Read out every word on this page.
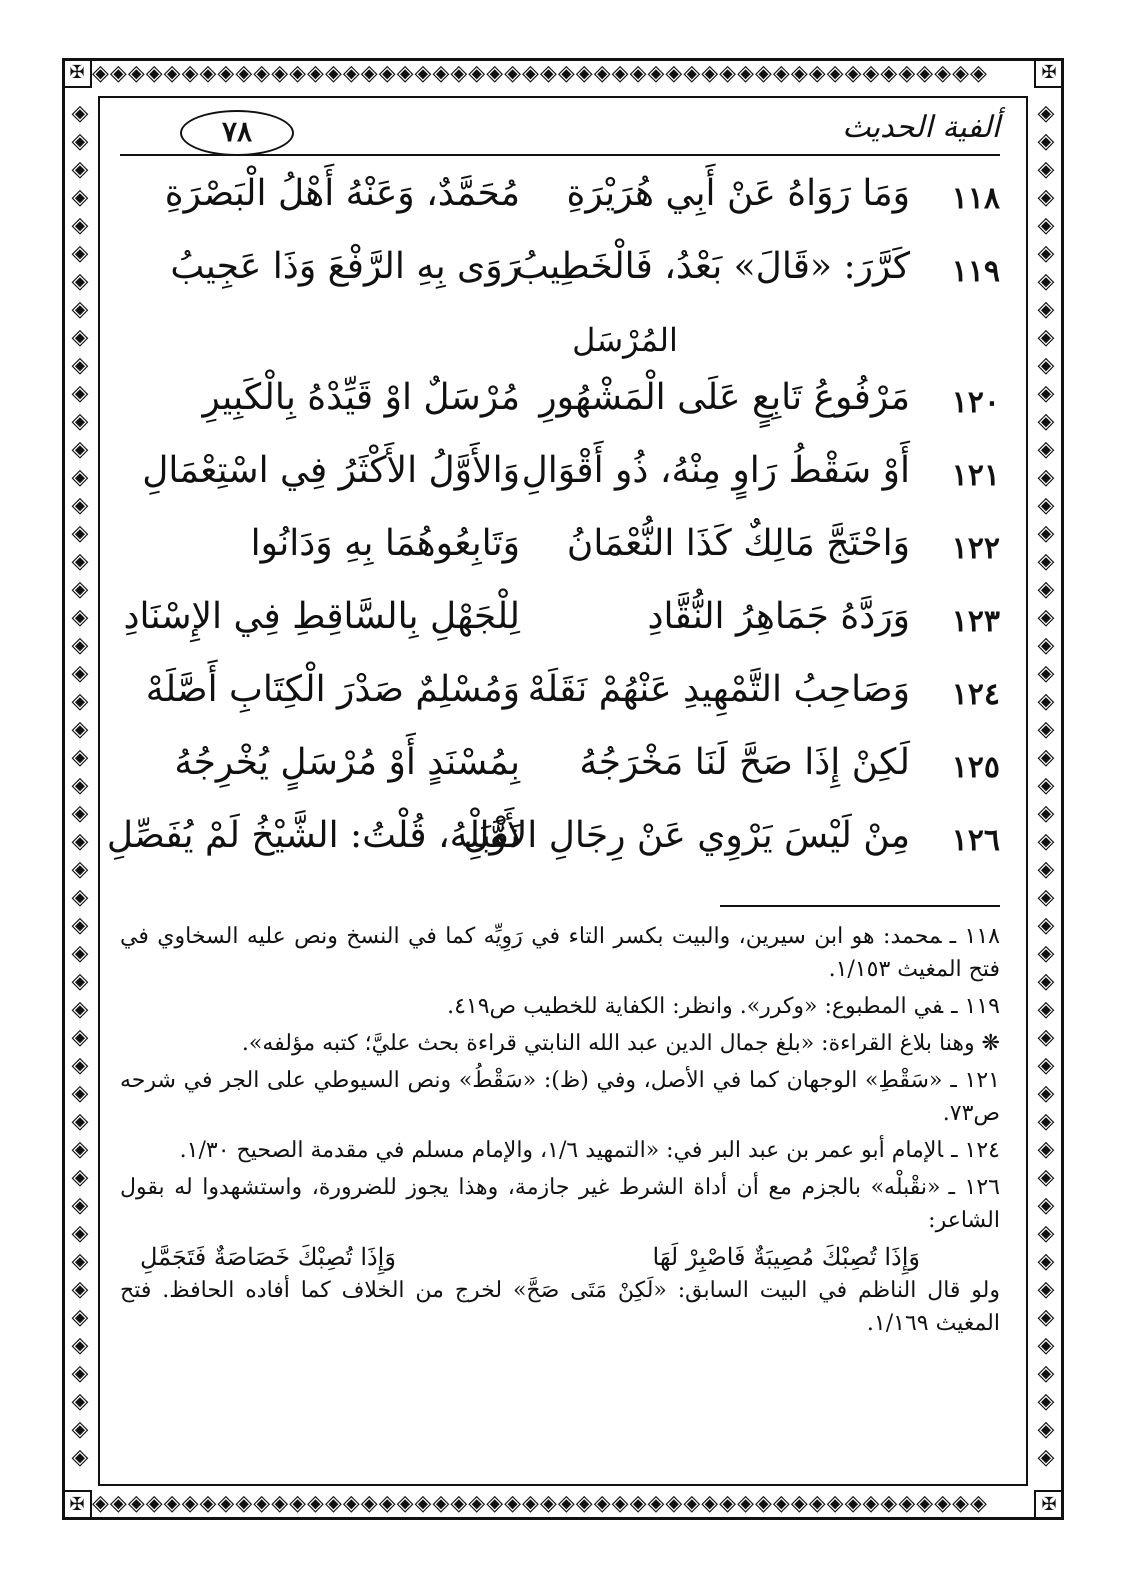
✠	✠
✠	✠
◈◈◈◈◈◈◈◈◈◈◈◈◈◈◈◈◈◈◈◈◈◈◈◈◈◈◈◈◈◈◈◈◈◈◈◈◈◈◈◈◈◈◈◈◈◈◈◈◈◈
◈◈◈◈◈◈◈◈◈◈◈◈◈◈◈◈◈◈◈◈◈◈◈◈◈◈◈◈◈◈◈◈◈◈◈◈◈◈◈◈◈◈◈◈◈◈◈◈◈◈
◈◈◈◈◈◈◈◈◈◈◈◈◈◈◈◈◈◈◈◈◈◈◈◈◈◈◈◈◈◈◈◈◈◈◈◈◈◈◈◈◈◈◈◈◈◈◈◈◈
◈◈◈◈◈◈◈◈◈◈◈◈◈◈◈◈◈◈◈◈◈◈◈◈◈◈◈◈◈◈◈◈◈◈◈◈◈◈◈◈◈◈◈◈◈◈◈◈◈
ألفية الحديث
٧٨
١١٨
وَمَا رَوَاهُ عَنْ أَبِي هُرَيْرَةِ
مُحَمَّدٌ، وَعَنْهُ أَهْلُ الْبَصْرَةِ
١١٩
كَرَّرَ: «قَالَ» بَعْدُ، فَالْخَطِيبُ
رَوَى بِهِ الرَّفْعَ وَذَا عَجِيبُ
المُرْسَل
١٢٠
مَرْفُوعُ تَابِعٍ عَلَى الْمَشْهُورِ
مُرْسَلٌ اوْ قَيِّدْهُ بِالْكَبِيرِ
١٢١
أَوْ سَقْطُ رَاوٍ مِنْهُ، ذُو أَقْوَالِ
وَالأَوَّلُ الأَكْثَرُ فِي اسْتِعْمَالِ
١٢٢
وَاحْتَجَّ مَالِكٌ كَذَا النُّعْمَانُ
وَتَابِعُوهُمَا بِهِ وَدَانُوا
١٢٣
وَرَدَّهُ جَمَاهِرُ النُّقَّادِ
لِلْجَهْلِ بِالسَّاقِطِ فِي الإِسْنَادِ
١٢٤
وَصَاحِبُ التَّمْهِيدِ عَنْهُمْ نَقَلَهْ
وَمُسْلِمٌ صَدْرَ الْكِتَابِ أَصَّلَهْ
١٢٥
لَكِنْ إِذَا صَحَّ لَنَا مَخْرَجُهُ
بِمُسْنَدٍ أَوْ مُرْسَلٍ يُخْرِجُهُ
١٢٦
مِنْ لَيْسَ يَرْوِي عَنْ رِجَالِ الأَوَّلِ
نَقْبَلْهُ، قُلْتُ: الشَّيْخُ لَمْ يُفَصِّلِ
١١٨ ـمحمد: هو ابن سيرين، والبيت بكسر التاء في رَوِيِّه كما في النسخ ونص عليه السخاوي في فتح المغيث ١/١٥٣.
١١٩ ـفي المطبوع: «وكرر». وانظر: الكفاية للخطيب ص٤١٩.
❋ وهنا بلاغ القراءة: «بلغ جمال الدين عبد الله النابتي قراءة بحث عليَّ؛ كتبه مؤلفه».
١٢١ ـ«سَقْطِ» الوجهان كما في الأصل، وفي (ظ): «سَقْطُ» ونص السيوطي على الجر في شرحه ص٧٣.
١٢٤ ـالإمام أبو عمر بن عبد البر في: «التمهيد ١/٦، والإمام مسلم في مقدمة الصحيح ١/٣٠.
١٢٦ ـ«نقْبلْه» بالجزم مع أن أداة الشرط غير جازمة، وهذا يجوز للضرورة، واستشهدوا له بقول الشاعر:
وَإِذَا تُصِبْكَ مُصِيبَةٌ فَاصْبِرْ لَهَا
وَإِذَا تُصِبْكَ خَصَاصَةٌ فَتَجَمَّلِ
ولو قال الناظم في البيت السابق: «لَكِنْ مَتَى صَحَّ» لخرج من الخلاف كما أفاده الحافظ. فتح المغيث ١/١٦٩.
